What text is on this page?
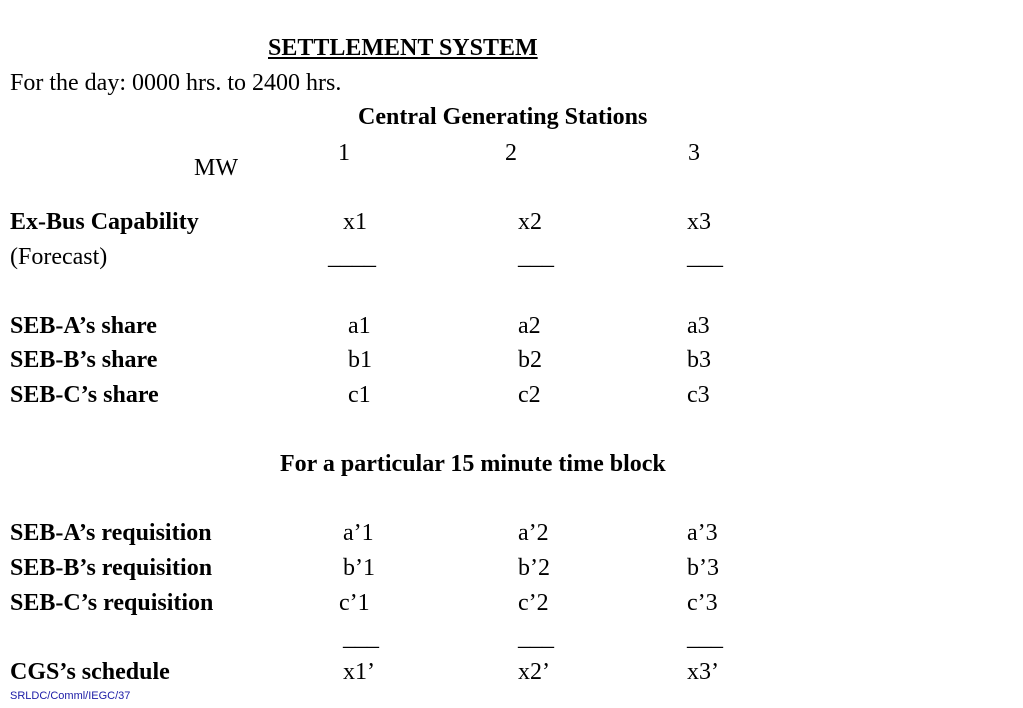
SETTLEMENT SYSTEM
For the day: 0000 hrs. to 2400 hrs.
Central Generating Stations
1	2	3
MW
Ex-Bus Capability	x1	x2	x3
(Forecast)	____	___	___
SEB-A’s share	a1	a2	a3
SEB-B’s share	b1	b2	b3
SEB-C’s share	c1	c2	c3
For a particular 15 minute time block
SEB-A’s requisition	a’1	a’2	a’3
SEB-B’s requisition	b’1	b’2	b’3
SEB-C’s requisition	c’1	c’2	c’3
___	___	___
CGS’s schedule	x1’	x2’	x3’
SRLDC/Comml/IEGC/37
